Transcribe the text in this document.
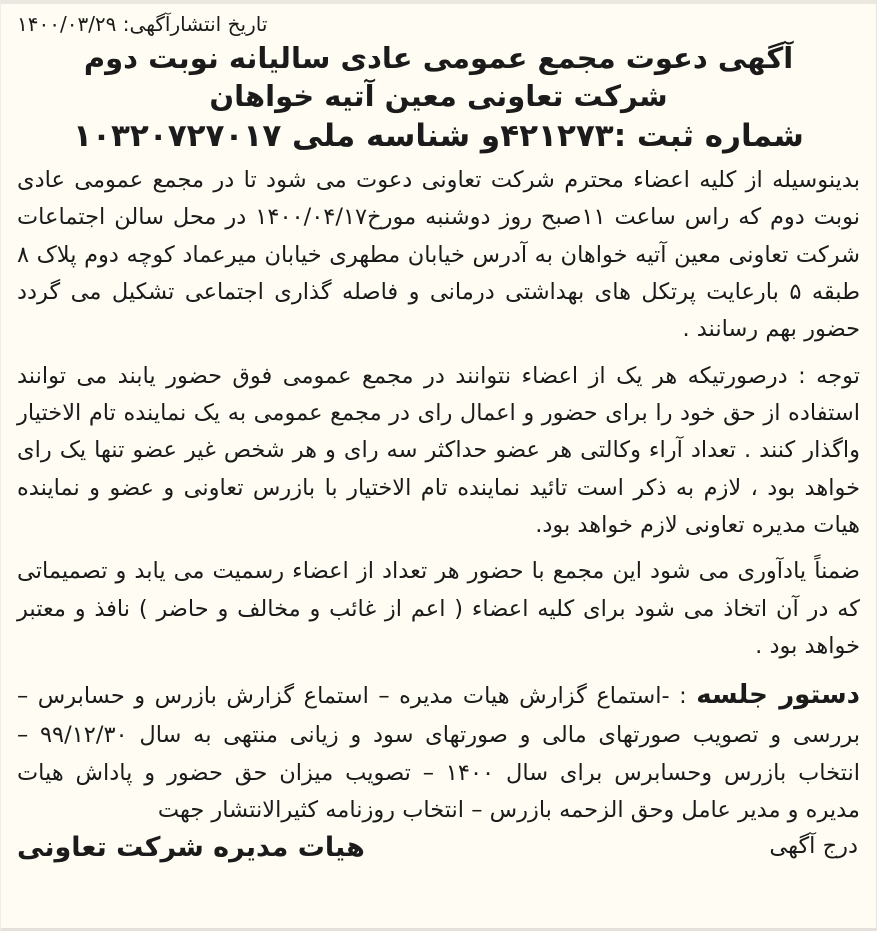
تاریخ انتشارآگهی: ۱۴۰۰/۰۳/۲۹
آگهی دعوت مجمع عمومی عادی سالیانه نوبت دوم
شرکت تعاونی معین آتیه خواهان
شماره ثبت :۴۲۱۲۷۳و شناسه ملی ۱۰۳۲۰۷۲۷۰۱۷

بدینوسیله از کلیه اعضاء محترم شرکت تعاونی دعوت می شود تا در مجمع عمومی عادی نوبت دوم که راس ساعت ۱۱صبح روز دوشنبه مورخ۱۴۰۰/۰۴/۱۷ در محل سالن اجتماعات شرکت تعاونی معین آتیه خواهان به آدرس خیابان مطهری خیابان میرعماد کوچه دوم پلاک ۸ طبقه ۵ بارعایت پرتکل های بهداشتی درمانی و فاصله گذاری اجتماعی تشکیل می گردد حضور بهم رسانند .

توجه : درصورتیکه هر یک از اعضاء نتوانند در مجمع عمومی فوق حضور یابند می توانند استفاده از حق خود را برای حضور و اعمال رای در مجمع عمومی به یک نماینده تام الاختیار واگذار کنند . تعداد آراء وکالتی هر عضو حداکثر سه رای و هر شخص غیر عضو تنها یک رای خواهد بود ، لازم به ذکر است تائید نماینده تام الاختیار با بازرس تعاونی و عضو و نماینده هیات مدیره تعاونی لازم خواهد بود.

ضمناً یادآوری می شود این مجمع با حضور هر تعداد از اعضاء رسمیت می یابد و تصمیماتی که در آن اتخاذ می شود برای کلیه اعضاء ( اعم از غائب و مخالف و حاضر ) نافذ و معتبر خواهد بود .

دستور جلسه : -استماع گزارش هیات مدیره – استماع گزارش بازرس و حسابرس – بررسی و تصویب صورتهای مالی و صورتهای سود و زیانی منتهی به سال ۹۹/۱۲/۳۰ – انتخاب بازرس وحسابرس برای سال ۱۴۰۰ – تصویب میزان حق حضور و پاداش هیات مدیره و مدیر عامل وحق الزحمه بازرس – انتخاب روزنامه کثیرالانتشار جهت

درج آگهی
هیات مدیره شرکت تعاونی
